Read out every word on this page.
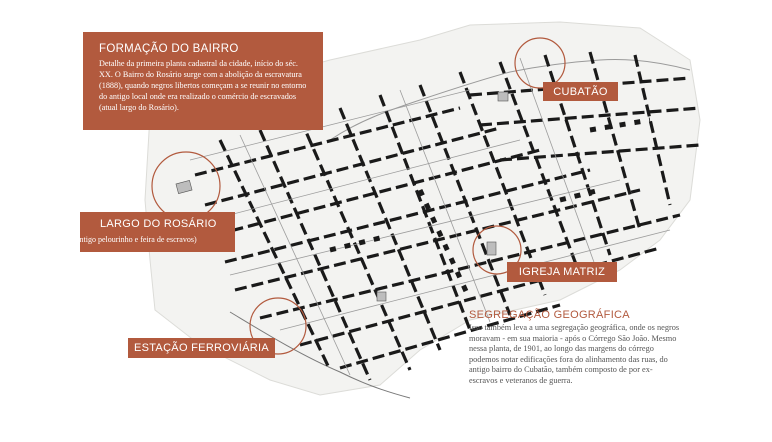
FORMAÇÃO DO BAIRRO
Detalhe da primeira planta cadastral da cidade, início do séc. XX. O Bairro do Rosário surge com a abolição da escravatura (1888), quando negros libertos começam a se reunir no entorno do antigo local onde era realizado o comércio de escravados (atual largo do Rosário).
LARGO DO ROSÁRIO
antigo pelourinho e feira de escravos)
CUBATÃO
IGREJA MATRIZ
ESTAÇÃO FERROVIÁRIA
SEGREGAÇÃO GEOGRÁFICA
Isso também leva a uma segregação geográfica, onde os negros moravam - em sua maioria - após o Córrego São João. Mesmo nessa planta, de 1901, ao longo das margens do córrego podemos notar edificações fora do alinhamento das ruas, do antigo bairro do Cubatão, também composto de por ex-escravos e veteranos de guerra.
